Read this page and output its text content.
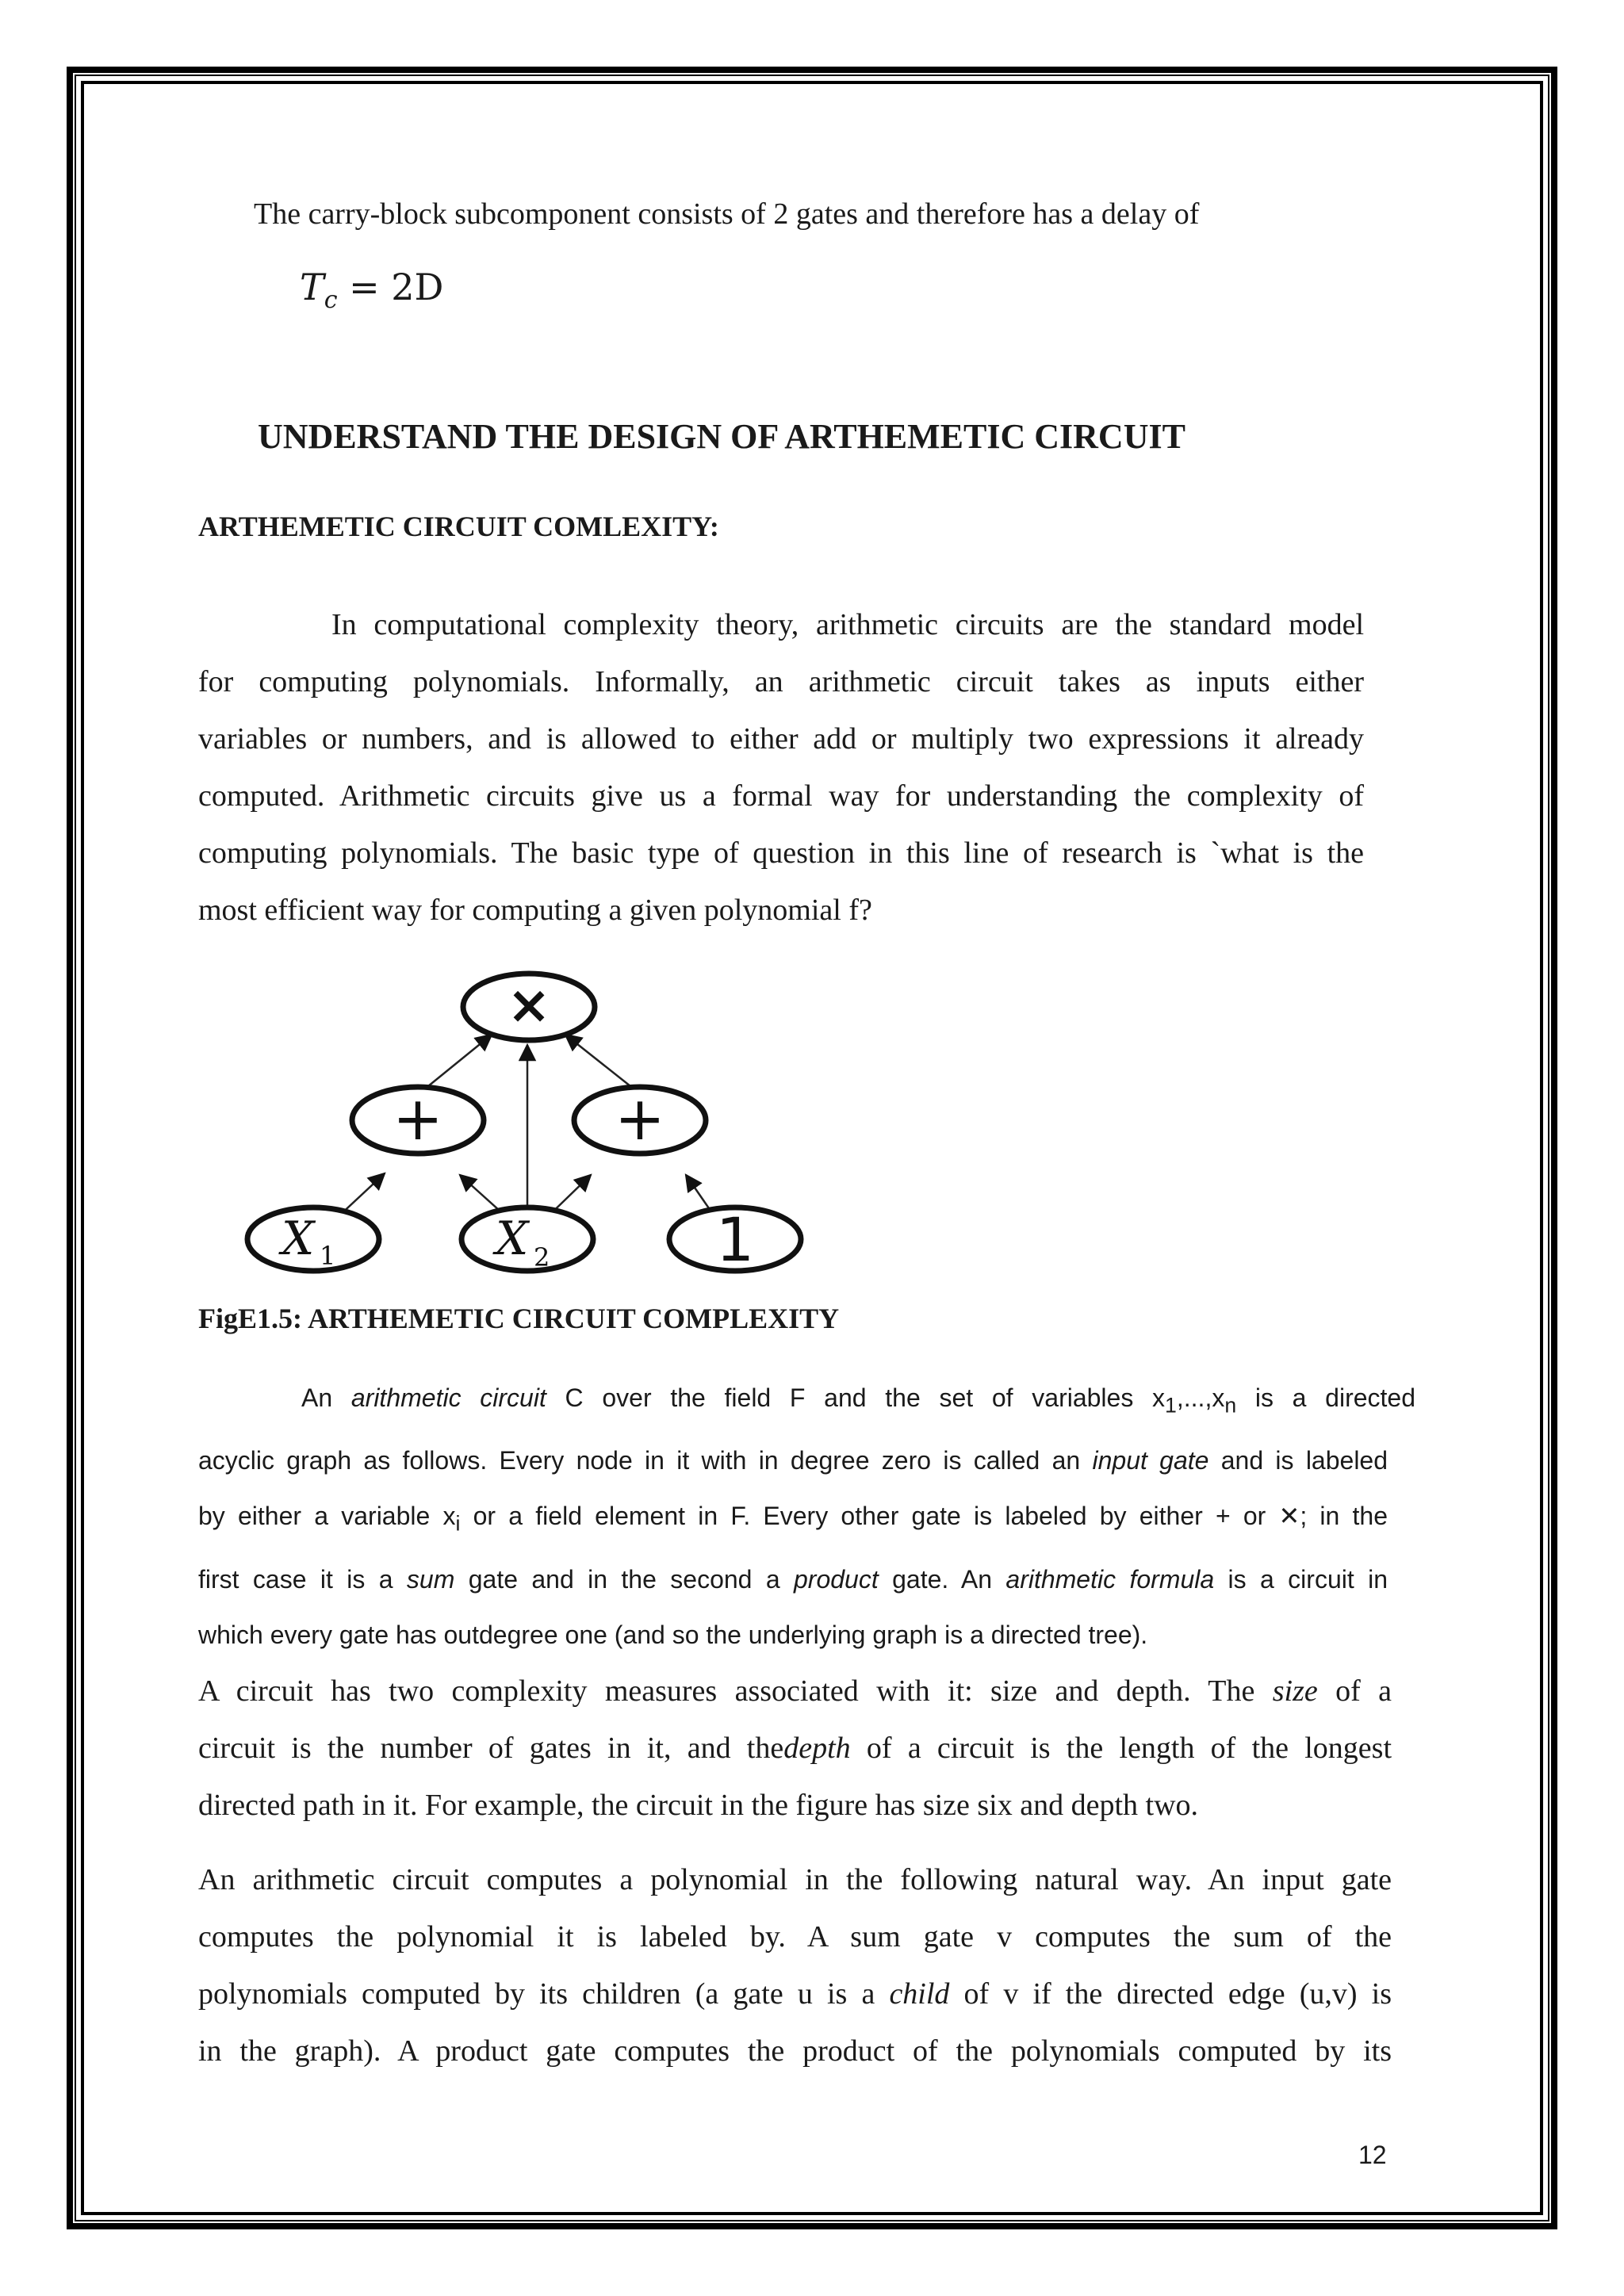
The carry-block subcomponent consists of 2 gates and therefore has a delay of
$T_c = 2D$
UNDERSTAND THE DESIGN OF ARTHEMETIC CIRCUIT
ARTHEMETIC CIRCUIT COMLEXITY:
In computational complexity theory, arithmetic circuits are the standard model
for computing polynomials. Informally, an arithmetic circuit takes as inputs either
variables or numbers, and is allowed to either add or multiply two expressions it already
computed. Arithmetic circuits give us a formal way for understanding the complexity of
computing polynomials. The basic type of question in this line of research is `what is the
most efficient way for computing a given polynomial f?
×
+	+
1
X 1	X 2
FigE1.5: ARTHEMETIC CIRCUIT COMPLEXITY
An arithmetic circuit C over the field F and the set of variables $x_1,...,x_n$ is a directed
acyclic graph as follows. Every node in it with in degree zero is called an input gate and is labeled
by either a variable $x_i$ or a field element in F. Every other gate is labeled by either + or ✕; in the
first case it is a sum gate and in the second a product gate. An arithmetic formula is a circuit in
which every gate has outdegree one (and so the underlying graph is a directed tree).
A circuit has two complexity measures associated with it: size and depth. The size of a
circuit is the number of gates in it, and thedepth of a circuit is the length of the longest
directed path in it. For example, the circuit in the figure has size six and depth two.
An arithmetic circuit computes a polynomial in the following natural way. An input gate
computes the polynomial it is labeled by. A sum gate v computes the sum of the
polynomials computed by its children (a gate u is a child of v if the directed edge (u,v) is
in the graph). A product gate computes the product of the polynomials computed by its
12
